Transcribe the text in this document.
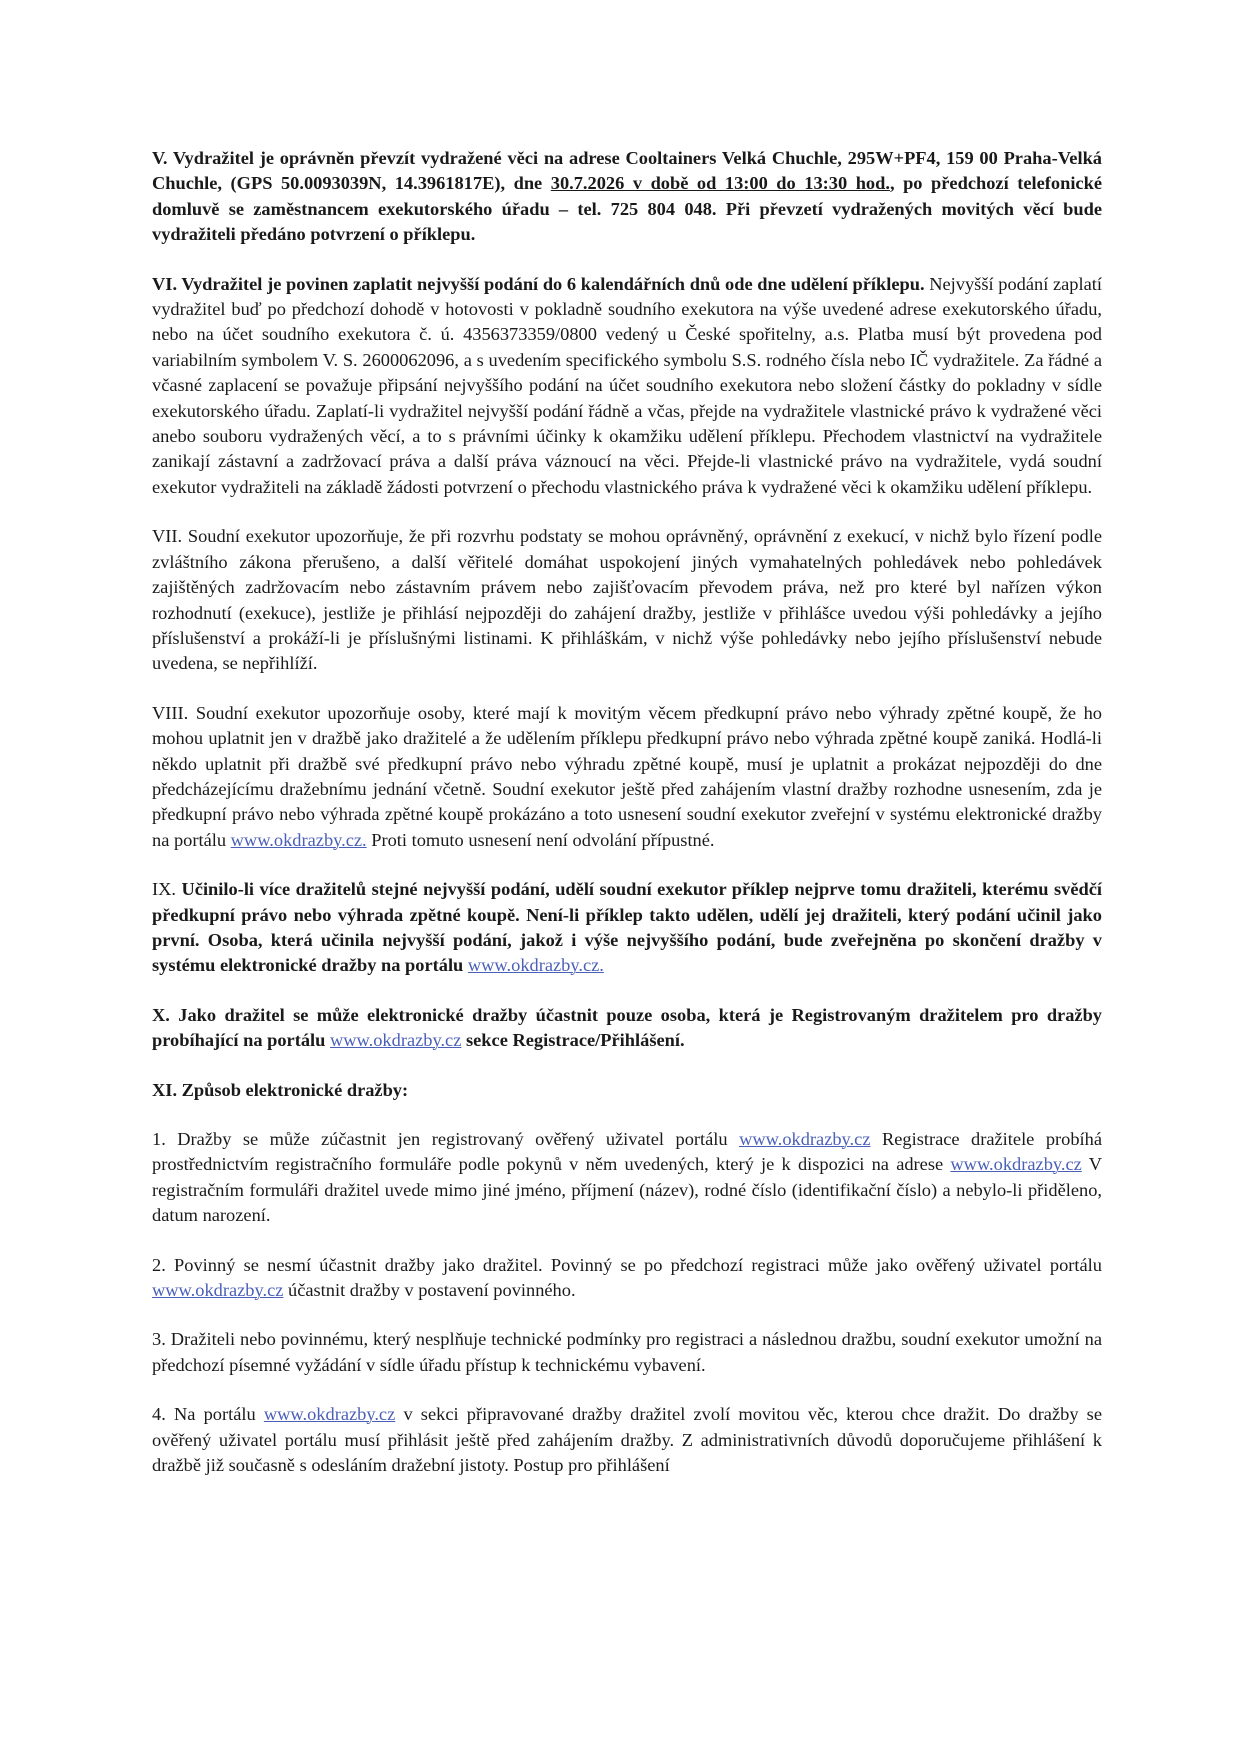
V. Vydražitel je oprávněn převzít vydražené věci na adrese Cooltainers Velká Chuchle, 295W+PF4, 159 00 Praha-Velká Chuchle, (GPS 50.0093039N, 14.3961817E), dne 30.7.2026 v době od 13:00 do 13:30 hod., po předchozí telefonické domluvě se zaměstnancem exekutorského úřadu – tel. 725 804 048. Při převzetí vydražených movitých věcí bude vydražiteli předáno potvrzení o příklepu.

VI. Vydražitel je povinen zaplatit nejvyšší podání do 6 kalendářních dnů ode dne udělení příklepu. Nejvyšší podání zaplatí vydražitel buď po předchozí dohodě v hotovosti v pokladně soudního exekutora na výše uvedené adrese exekutorského úřadu, nebo na účet soudního exekutora č. ú. 4356373359/0800 vedený u České spořitelny, a.s. Platba musí být provedena pod variabilním symbolem V. S. 2600062096, a s uvedením specifického symbolu S.S. rodného čísla nebo IČ vydražitele. Za řádné a včasné zaplacení se považuje připsání nejvyššího podání na účet soudního exekutora nebo složení částky do pokladny v sídle exekutorského úřadu. Zaplatí-li vydražitel nejvyšší podání řádně a včas, přejde na vydražitele vlastnické právo k vydražené věci anebo souboru vydražených věcí, a to s právními účinky k okamžiku udělení příklepu. Přechodem vlastnictví na vydražitele zanikají zástavní a zadržovací práva a další práva váznoucí na věci. Přejde-li vlastnické právo na vydražitele, vydá soudní exekutor vydražiteli na základě žádosti potvrzení o přechodu vlastnického práva k vydražené věci k okamžiku udělení příklepu.

VII. Soudní exekutor upozorňuje, že při rozvrhu podstaty se mohou oprávněný, oprávnění z exekucí, v nichž bylo řízení podle zvláštního zákona přerušeno, a další věřitelé domáhat uspokojení jiných vymahatelných pohledávek nebo pohledávek zajištěných zadržovacím nebo zástavním právem nebo zajišťovacím převodem práva, než pro které byl nařízen výkon rozhodnutí (exekuce), jestliže je přihlásí nejpozději do zahájení dražby, jestliže v přihlášce uvedou výši pohledávky a jejího příslušenství a prokáží-li je příslušnými listinami. K přihláškám, v nichž výše pohledávky nebo jejího příslušenství nebude uvedena, se nepřihlíží.

VIII. Soudní exekutor upozorňuje osoby, které mají k movitým věcem předkupní právo nebo výhrady zpětné koupě, že ho mohou uplatnit jen v dražbě jako dražitelé a že udělením příklepu předkupní právo nebo výhrada zpětné koupě zaniká. Hodlá-li někdo uplatnit při dražbě své předkupní právo nebo výhradu zpětné koupě, musí je uplatnit a prokázat nejpozději do dne předcházejícímu dražebnímu jednání včetně. Soudní exekutor ještě před zahájením vlastní dražby rozhodne usnesením, zda je předkupní právo nebo výhrada zpětné koupě prokázáno a toto usnesení soudní exekutor zveřejní v systému elektronické dražby na portálu www.okdrazby.cz. Proti tomuto usnesení není odvolání přípustné.

IX. Učinilo-li více dražitelů stejné nejvyšší podání, udělí soudní exekutor příklep nejprve tomu dražiteli, kterému svědčí předkupní právo nebo výhrada zpětné koupě. Není-li příklep takto udělen, udělí jej dražiteli, který podání učinil jako první. Osoba, která učinila nejvyšší podání, jakož i výše nejvyššího podání, bude zveřejněna po skončení dražby v systému elektronické dražby na portálu www.okdrazby.cz.

X. Jako dražitel se může elektronické dražby účastnit pouze osoba, která je Registrovaným dražitelem pro dražby probíhající na portálu www.okdrazby.cz sekce Registrace/Přihlášení.

XI. Způsob elektronické dražby:

1. Dražby se může zúčastnit jen registrovaný ověřený uživatel portálu www.okdrazby.cz Registrace dražitele probíhá prostřednictvím registračního formuláře podle pokynů v něm uvedených, který je k dispozici na adrese www.okdrazby.cz V registračním formuláři dražitel uvede mimo jiné jméno, příjmení (název), rodné číslo (identifikační číslo) a nebylo-li přiděleno, datum narození.

2. Povinný se nesmí účastnit dražby jako dražitel. Povinný se po předchozí registraci může jako ověřený uživatel portálu www.okdrazby.cz účastnit dražby v postavení povinného.

3. Dražiteli nebo povinnému, který nesplňuje technické podmínky pro registraci a následnou dražbu, soudní exekutor umožní na předchozí písemné vyžádání v sídle úřadu přístup k technickému vybavení.

4. Na portálu www.okdrazby.cz v sekci připravované dražby dražitel zvolí movitou věc, kterou chce dražit. Do dražby se ověřený uživatel portálu musí přihlásit ještě před zahájením dražby. Z administrativních důvodů doporučujeme přihlášení k dražbě již současně s odesláním dražební jistoty. Postup pro přihlášení
